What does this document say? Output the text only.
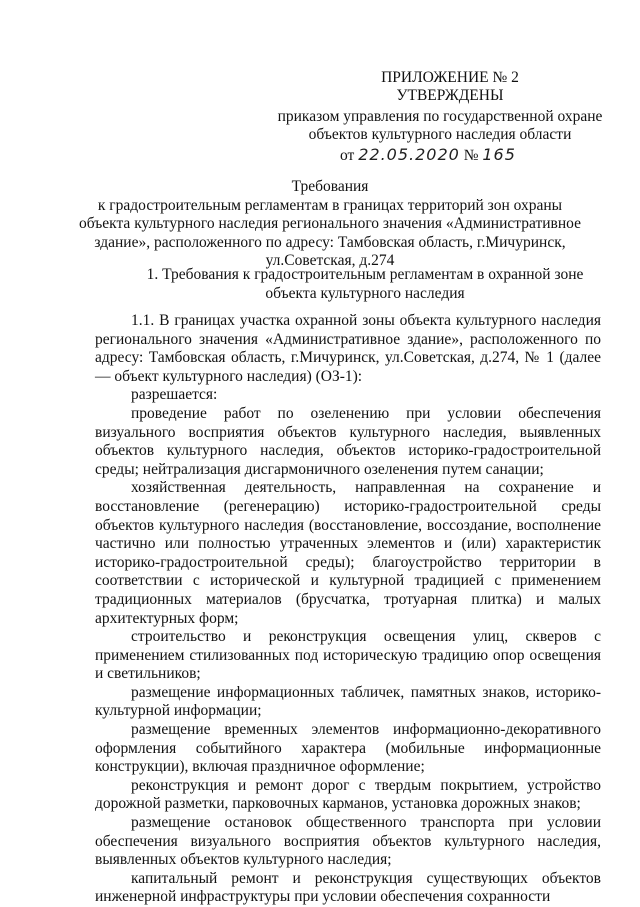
ПРИЛОЖЕНИЕ № 2
УТВЕРЖДЕНЫ
приказом управления по государственной охране
объектов культурного наследия области
от 22.05.2020 № 165
Требования
к градостроительным регламентам в границах территорий зон охраны
объекта культурного наследия регионального значения «Административное
здание», расположенного по адресу: Тамбовская область, г.Мичуринск,
ул.Советская, д.274
1. Требования к градостроительным регламентам в охранной зоне
объекта культурного наследия

1.1. В границах участка охранной зоны объекта культурного наследия регионального значения «Административное здание», расположенного по адресу: Тамбовская область, г.Мичуринск, ул.Советская, д.274, № 1 (далее — объект культурного наследия) (ОЗ-1):

разрешается:

проведение работ по озеленению при условии обеспечения визуального восприятия объектов культурного наследия, выявленных объектов культурного наследия, объектов историко-градостроительной среды; нейтрализация дисгармоничного озеленения путем санации;

хозяйственная деятельность, направленная на сохранение и восстановление (регенерацию) историко-градостроительной среды объектов культурного наследия (восстановление, воссоздание, восполнение частично или полностью утраченных элементов и (или) характеристик историко-градостроительной среды); благоустройство территории в соответствии с исторической и культурной традицией с применением традиционных материалов (брусчатка, тротуарная плитка) и малых архитектурных форм;

строительство и реконструкция освещения улиц, скверов с применением стилизованных под историческую традицию опор освещения и светильников;

размещение информационных табличек, памятных знаков, историко-культурной информации;

размещение временных элементов информационно-декоративного оформления событийного характера (мобильные информационные конструкции), включая праздничное оформление;

реконструкция и ремонт дорог с твердым покрытием, устройство дорожной разметки, парковочных карманов, установка дорожных знаков;

размещение остановок общественного транспорта при условии обеспечения визуального восприятия объектов культурного наследия, выявленных объектов культурного наследия;

капитальный ремонт и реконструкция существующих объектов инженерной инфраструктуры при условии обеспечения сохранности
